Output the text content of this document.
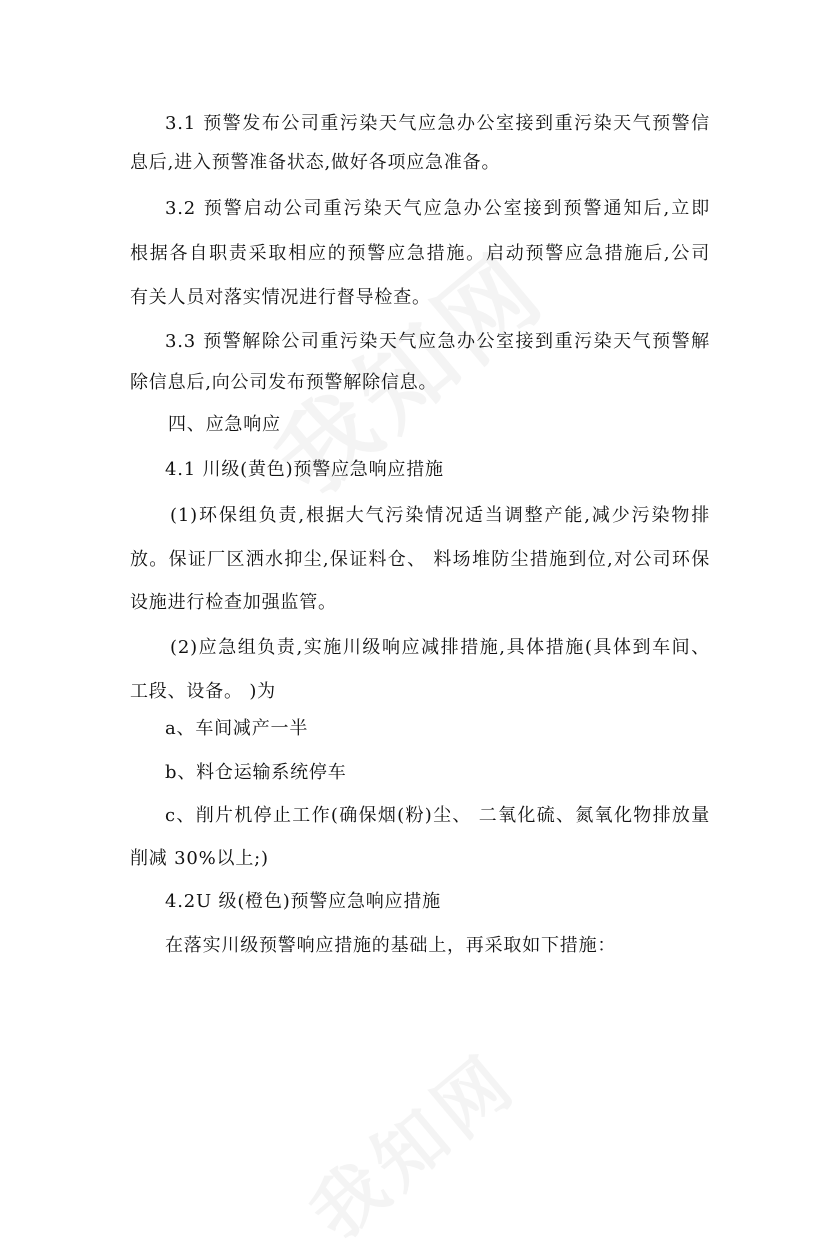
3.1 预警发布公司重污染天气应急办公室接到重污染天气预警信
息后,进入预警准备状态,做好各项应急准备。
3.2 预警启动公司重污染天气应急办公室接到预警通知后,立即
根据各自职责采取相应的预警应急措施。启动预警应急措施后,公司
有关人员对落实情况进行督导检查。
3.3 预警解除公司重污染天气应急办公室接到重污染天气预警解
除信息后,向公司发布预警解除信息。
四、应急响应
4.1 川级(黄色)预警应急响应措施
(1)环保组负责,根据大气污染情况适当调整产能,减少污染物排
放。保证厂区洒水抑尘,保证料仓、 料场堆防尘措施到位,对公司环保
设施进行检查加强监管。
(2)应急组负责,实施川级响应减排措施,具体措施(具体到车间、
工段、设备。 )为
a、车间减产一半
b、料仓运输系统停车
c、削片机停止工作(确保烟(粉)尘、 二氧化硫、氮氧化物排放量
削减 30%以上;)
4.2U 级(橙色)预警应急响应措施
在落实川级预警响应措施的基础上，再采取如下措施：
